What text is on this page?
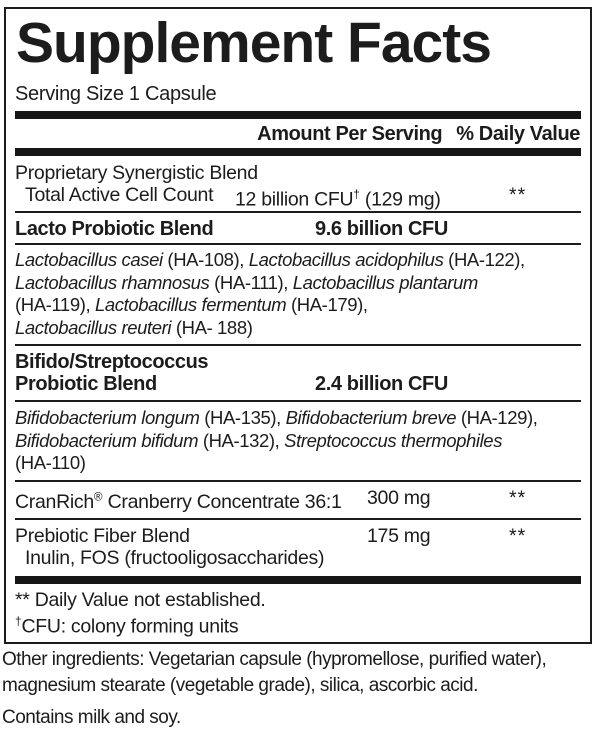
Supplement Facts
Serving Size 1 Capsule
Amount Per Serving % Daily Value
Proprietary Synergistic Blend
Total Active Cell Count 12 billion CFU† (129 mg)	**
Lacto Probiotic Blend	9.6 billion CFU
Lactobacillus casei (HA-108), Lactobacillus acidophilus (HA-122),
Lactobacillus rhamnosus (HA-111), Lactobacillus plantarum
(HA-119), Lactobacillus fermentum (HA-179),
Lactobacillus reuteri (HA- 188)
Bifido/Streptococcus
Probiotic Blend	2.4 billion CFU
Bifidobacterium longum (HA-135), Bifidobacterium breve (HA-129),
Bifidobacterium bifidum (HA-132), Streptococcus thermophiles
(HA-110)
CranRich® Cranberry Concentrate 36:1 300 mg	**
Prebiotic Fiber Blend	175 mg	**
Inulin, FOS (fructooligosaccharides)
** Daily Value not established.
†CFU: colony forming units

Other ingredients: Vegetarian capsule (hypromellose, purified water), magnesium stearate (vegetable grade), silica, ascorbic acid.

Contains milk and soy.
